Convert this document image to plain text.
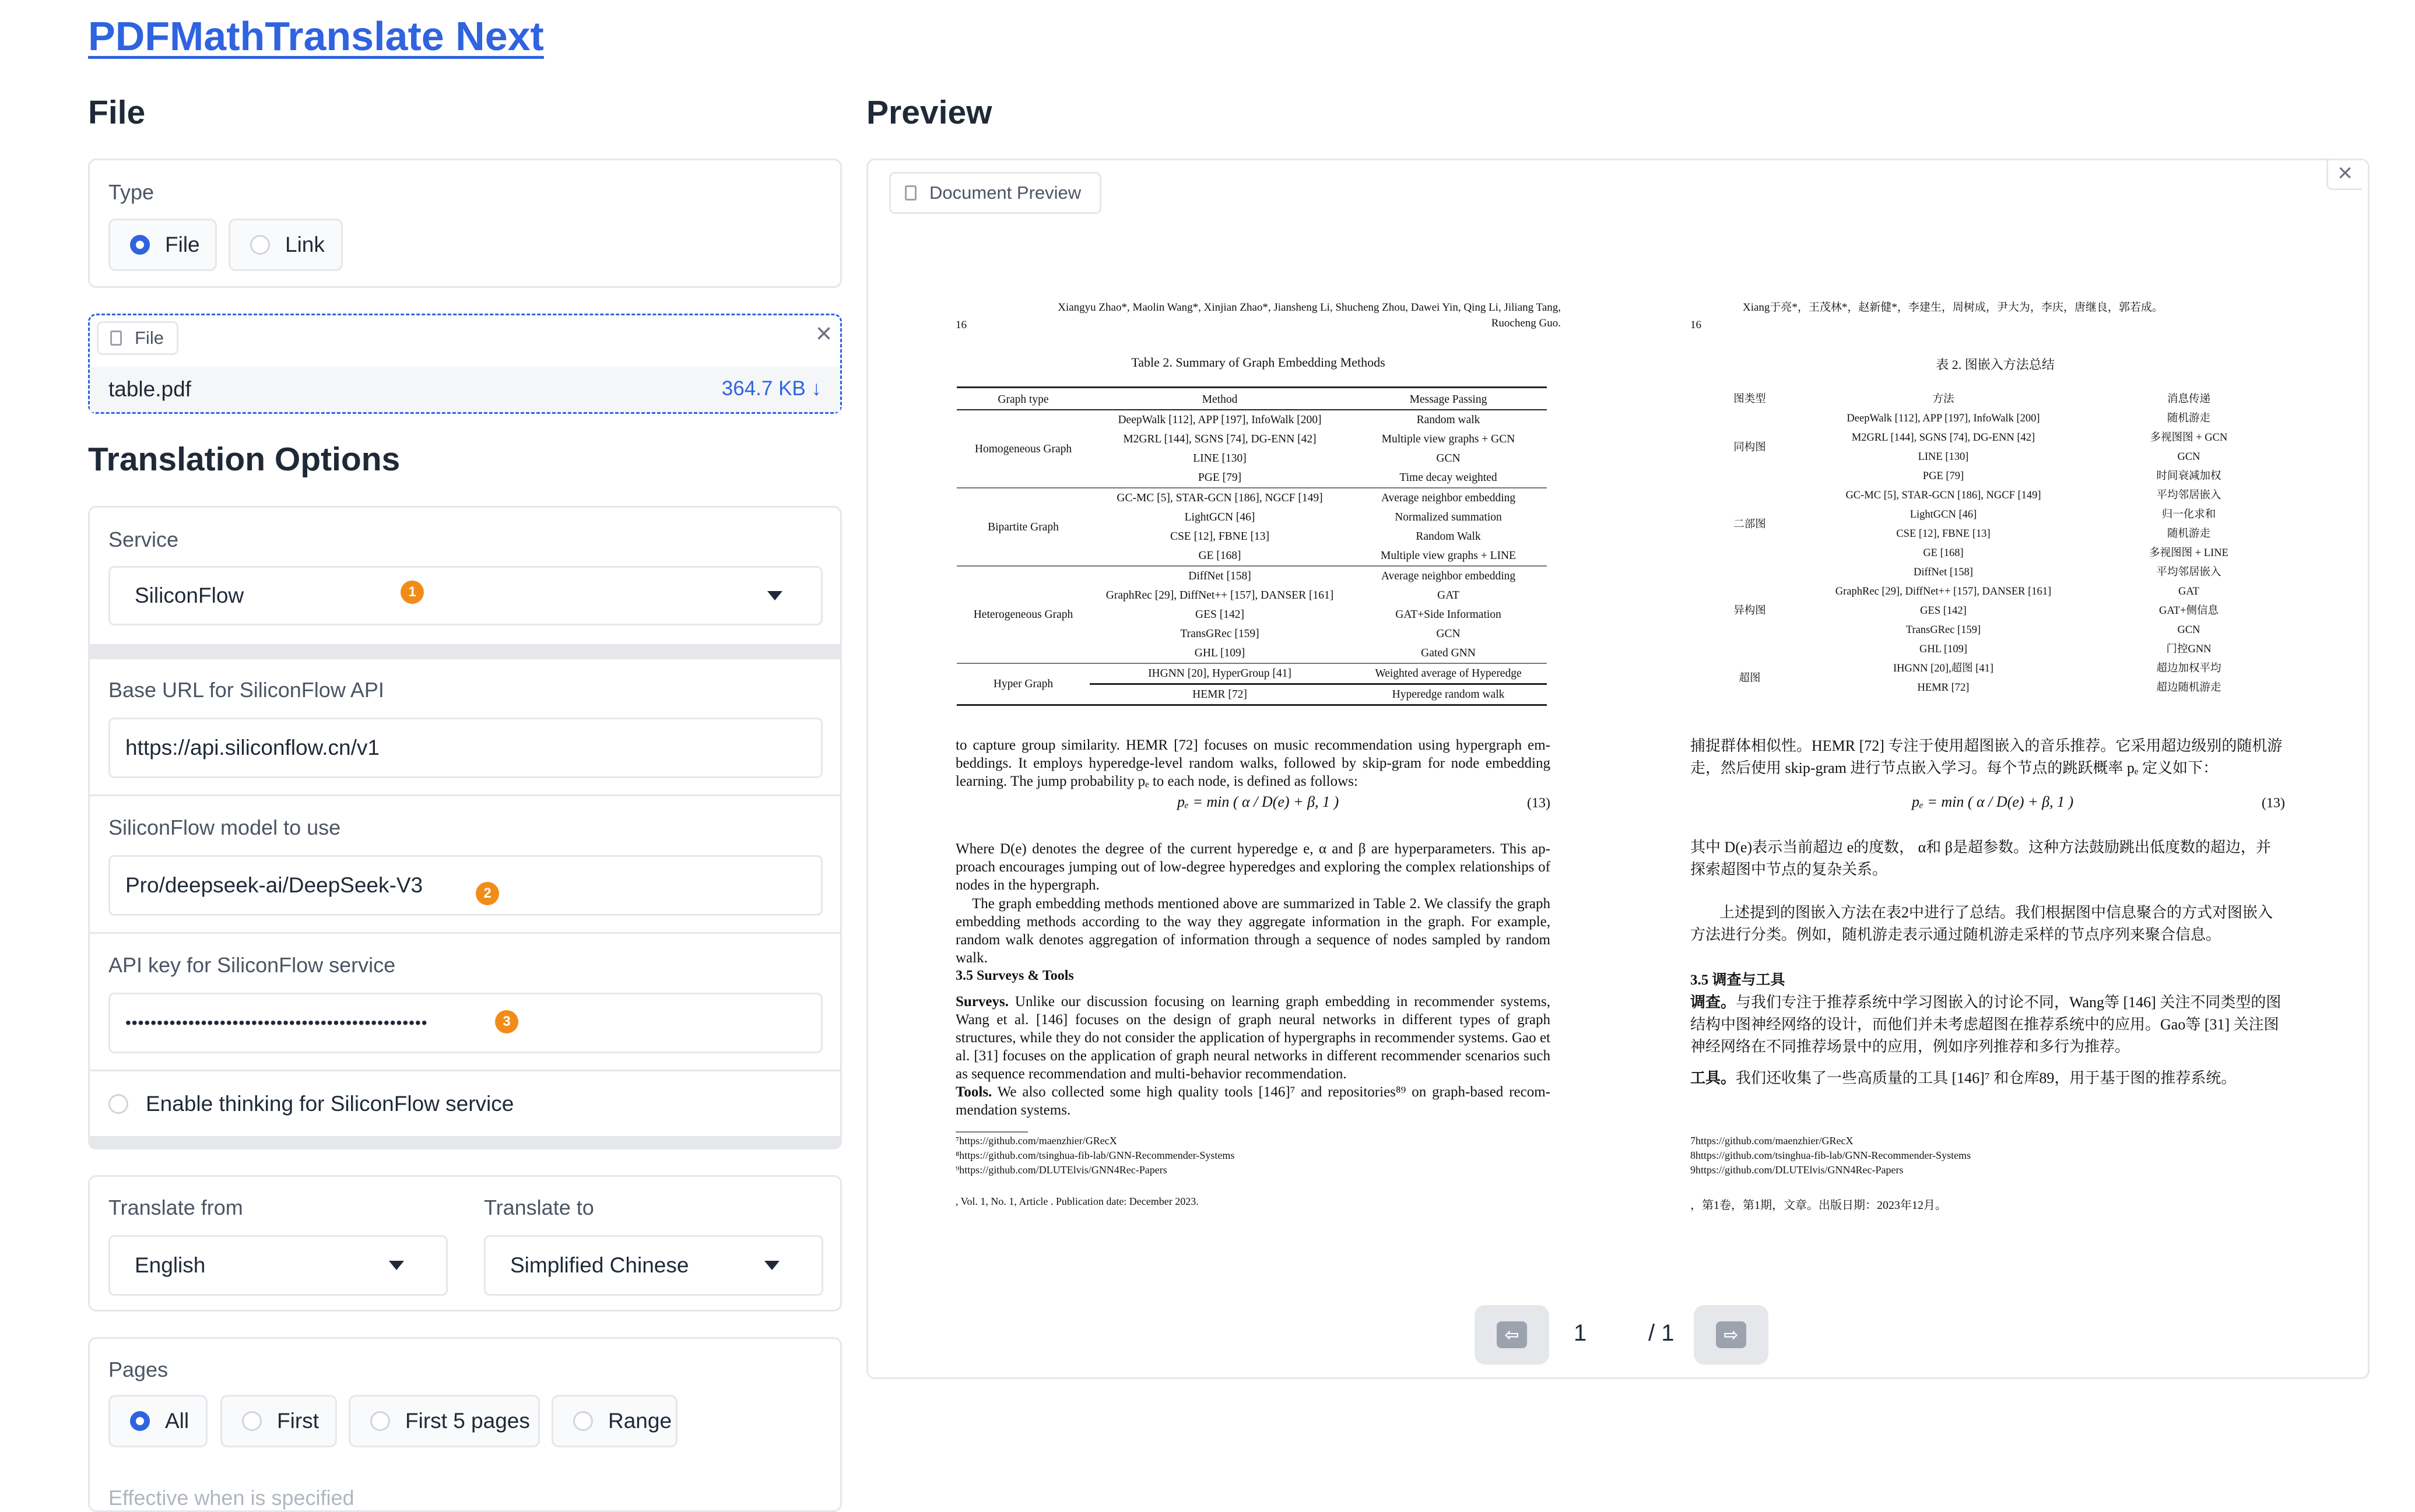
PDFMathTranslate Next
File
Type
File	Link
File	×
table.pdf	364.7 KB ↓
Translation Options
Service
SiliconFlow	1
Base URL for SiliconFlow API
https://api.siliconflow.cn/v1
SiliconFlow model to use
Pro/deepseek-ai/DeepSeek-V3	2
API key for SiliconFlow service
••••••••••••••••••••••••••••••••••••••••••••••••	3
Enable thinking for SiliconFlow service
Translate from
English
Translate to
Simplified Chinese
Pages
All	First	First 5 pages	Range
Effective when is specified
Preview
Document Preview
×
16
Xiangyu Zhao*, Maolin Wang*, Xinjian Zhao*, Jiansheng Li, Shucheng Zhou, Dawei Yin, Qing Li, Jiliang Tang,
Ruocheng Guo.
Table 2. Summary of Graph Embedding Methods
Graph type	Method	Message Passing
Homogeneous Graph	DeepWalk [112], APP [197], InfoWalk [200]	Random walk
	M2GRL [144], SGNS [74], DG-ENN [42]	Multiple view graphs + GCN
	LINE [130]	GCN
	PGE [79]	Time decay weighted
Bipartite Graph	GC-MC [5], STAR-GCN [186], NGCF [149]	Average neighbor embedding
	LightGCN [46]	Normalized summation
	CSE [12], FBNE [13]	Random Walk
	GE [168]	Multiple view graphs + LINE
Heterogeneous Graph	DiffNet [158]	Average neighbor embedding
	GraphRec [29], DiffNet++ [157], DANSER [161]	GAT
	GES [142]	GAT+Side Information
	TransGRec [159]	GCN
	GHL [109]	Gated GNN
Hyper Graph	IHGNN [20], HyperGroup [41]	Weighted average of Hyperedge
	HEMR [72]	Hyperedge random walk
to capture group similarity. HEMR [72] focuses on music recommendation using hypergraph em- beddings. It employs hyperedge-level random walks, followed by skip-gram for node embedding learning. The jump probability pₑ to each node, is defined as follows:
pₑ = min ( α / D(e) + β, 1 )	(13)
Where D(e) denotes the degree of the current hyperedge e, α and β are hyperparameters. This ap- proach encourages jumping out of low-degree hyperedges and exploring the complex relationships of nodes in the hypergraph.
The graph embedding methods mentioned above are summarized in Table 2. We classify the graph embedding methods according to the way they aggregate information in the graph. For example, random walk denotes aggregation of information through a sequence of nodes sampled by random walk.
3.5 Surveys & Tools
Surveys. Unlike our discussion focusing on learning graph embedding in recommender systems, Wang et al. [146] focuses on the design of graph neural networks in different types of graph structures, while they do not consider the application of hypergraphs in recommender systems. Gao et al. [31] focuses on the application of graph neural networks in different recommender scenarios such as sequence recommendation and multi-behavior recommendation.
Tools. We also collected some high quality tools [146]⁷ and repositories⁸⁹ on graph-based recom- mendation systems.
⁷https://github.com/maenzhier/GRecX
⁸https://github.com/tsinghua-fib-lab/GNN-Recommender-Systems
⁹https://github.com/DLUTElvis/GNN4Rec-Papers
, Vol. 1, No. 1, Article . Publication date: December 2023.
16
Xiang于亮*，王茂林*，赵新健*，李建生，周树成，尹大为，李庆，唐继良，郭若成。
表 2. 图嵌入方法总结
图类型	方法	消息传递
同构图	DeepWalk [112], APP [197], InfoWalk [200]	随机游走
	M2GRL [144], SGNS [74], DG-ENN [42]	多视图图 + GCN
	LINE [130]	GCN
	PGE [79]	时间衰减加权
二部图	GC-MC [5], STAR-GCN [186], NGCF [149]	平均邻居嵌入
	LightGCN [46]	归一化求和
	CSE [12], FBNE [13]	随机游走
	GE [168]	多视图图 + LINE
异构图	DiffNet [158]	平均邻居嵌入
	GraphRec [29], DiffNet++ [157], DANSER [161]	GAT
	GES [142]	GAT+侧信息
	TransGRec [159]	GCN
	GHL [109]	门控GNN
超图	IHGNN [20],超图 [41]	超边加权平均
	HEMR [72]	超边随机游走
捕捉群体相似性。HEMR [72] 专注于使用超图嵌入的音乐推荐。它采用超边级别的随机游走，然后使用 skip-gram 进行节点嵌入学习。每个节点的跳跃概率 pₑ 定义如下：
pₑ = min ( α / D(e) + β, 1 )	(13)
其中 D(e)表示当前超边 e的度数， α和 β是超参数。这种方法鼓励跳出低度数的超边，并探索超图中节点的复杂关系。
上述提到的图嵌入方法在表2中进行了总结。我们根据图中信息聚合的方式对图嵌入方法进行分类。例如，随机游走表示通过随机游走采样的节点序列来聚合信息。
3.5 调查与工具
调查。与我们专注于推荐系统中学习图嵌入的讨论不同，Wang等 [146] 关注不同类型的图结构中图神经网络的设计，而他们并未考虑超图在推荐系统中的应用。Gao等 [31] 关注图神经网络在不同推荐场景中的应用，例如序列推荐和多行为推荐。
工具。我们还收集了一些高质量的工具 [146]⁷ 和仓库89，用于基于图的推荐系统。
7https://github.com/maenzhier/GRecX
8https://github.com/tsinghua-fib-lab/GNN-Recommender-Systems
9https://github.com/DLUTElvis/GNN4Rec-Papers
，第1卷，第1期，文章。出版日期：2023年12月。
⇦	1	/ 1	⇨
